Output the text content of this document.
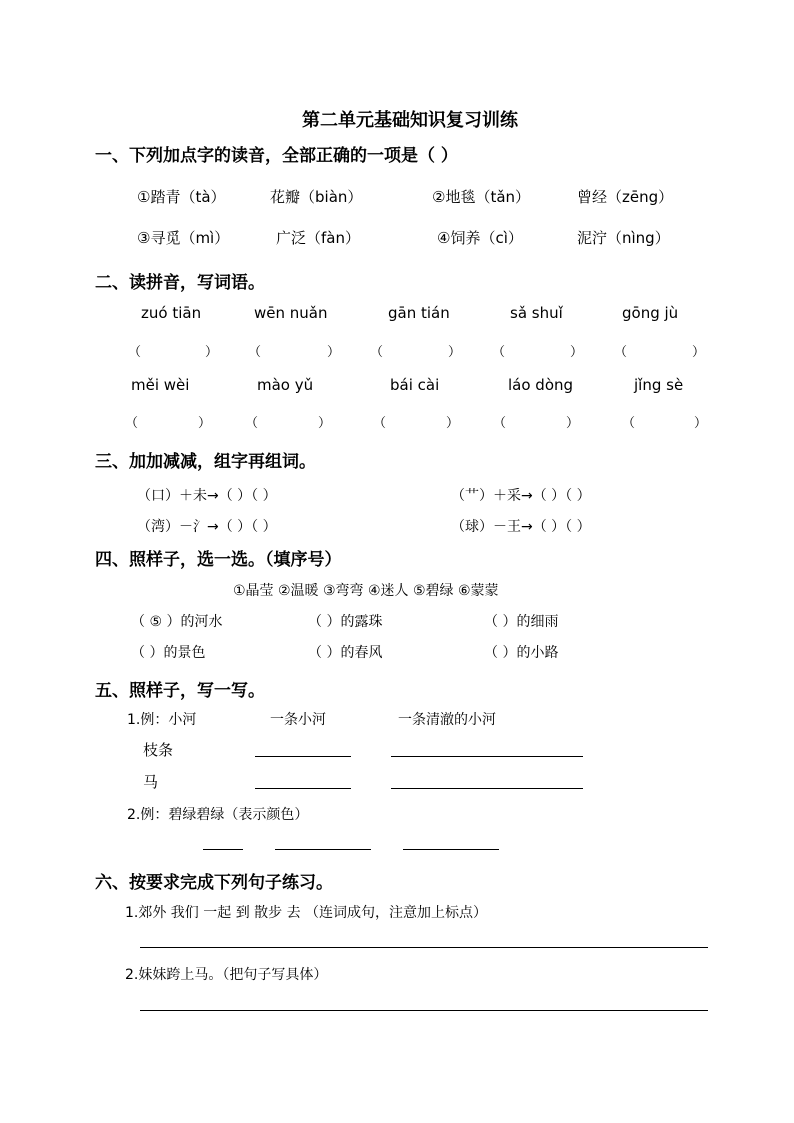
第二单元基础知识复习训练
一、下列加点字的读音，全部正确的一项是（ ）
①踏青（tà）	花瓣（biàn）	②地毯（tǎn）	曾经（zēng）
③寻觅（mì）	广泛（fàn）	④饲养（cì）	泥泞（nìng）
二、读拼音，写词语。
zuó tiān	wēn nuǎn	gān tián	sǎ shuǐ	gōng jù
（	） （	） （	） （	） （	）
měi wèi	mào yǔ	bái cài	láo dòng	jǐng sè
（	）	（	）	（	）	（	）	（	）
三、加加减减，组字再组词。
（口）＋未→（ ）（ ）	（艹）＋采→（ ）（ ）
（湾）－氵→（ ）（ ）	（球）－王→（ ）（ ）
四、照样子，选一选。（填序号）
①晶莹 ②温暖 ③弯弯 ④迷人 ⑤碧绿 ⑥蒙蒙
（ ⑤ ）的河水	（ ）的露珠	（ ）的细雨
（ ）的景色	（ ）的春风	（ ）的小路
五、照样子，写一写。
1.例：小河	一条小河	一条清澈的小河
枝条
马
2.例：碧绿碧绿（表示颜色）
六、按要求完成下列句子练习。
1.郊外 我们 一起 到 散步 去 （连词成句，注意加上标点）
2.妹妹跨上马。（把句子写具体）
